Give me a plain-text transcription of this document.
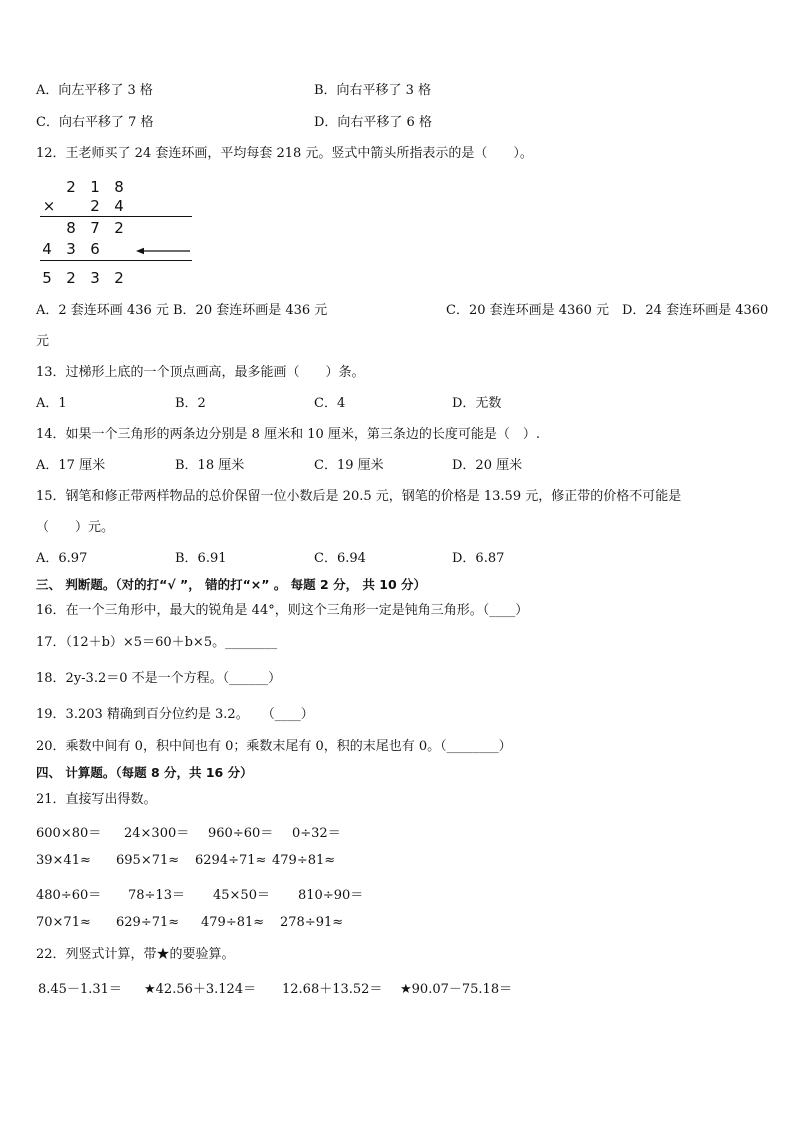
A．向左平移了 3 格	B．向右平移了 3 格
C．向右平移了 7 格	D．向右平移了 6 格
12．王老师买了 24 套连环画，平均每套 218 元。竖式中箭头所指表示的是（　　）。
2 1 8
× 2 4
8 7 2
4 3 6
5 2 3 2
A．2 套连环画 436 元 B．20 套连环画是 436 元	C．20 套连环画是 4360 元　D．24 套连环画是 4360
元
13．过梯形上底的一个顶点画高，最多能画（　　）条。
A．1	B．2	C．4	D．无数
14．如果一个三角形的两条边分别是 8 厘米和 10 厘米，第三条边的长度可能是（　）.
A．17 厘米	B．18 厘米	C．19 厘米	D．20 厘米
15．钢笔和修正带两样物品的总价保留一位小数后是 20.5 元，钢笔的价格是 13.59 元，修正带的价格不可能是
（　　）元。
A．6.97	B．6.91	C．6.94	D．6.87
三、 判断题。（对的打“√ ”， 错的打“×” 。 每题 2 分， 共 10 分）
16．在一个三角形中，最大的锐角是 44°，则这个三角形一定是钝角三角形。（____）
17．（12＋b）×5＝60＋b×5。________
18．2y-3.2＝0 不是一个方程。（______）
19．3.203 精确到百分位约是 3.2。　　（____）
20．乘数中间有 0，积中间也有 0；乘数末尾有 0，积的末尾也有 0。（________）
四、 计算题。（每题 8 分，共 16 分）
21．直接写出得数。
600×80＝ 24×300＝ 960÷60＝ 0÷32＝
39×41≈ 695×71≈ 6294÷71≈ 479÷81≈
480÷60＝ 78÷13＝ 45×50＝ 810÷90＝
70×71≈ 629÷71≈ 479÷81≈ 278÷91≈
22．列竖式计算，带★的要验算。
8.45－1.31＝ ★42.56＋3.124＝ 12.68＋13.52＝ ★90.07－75.18＝
